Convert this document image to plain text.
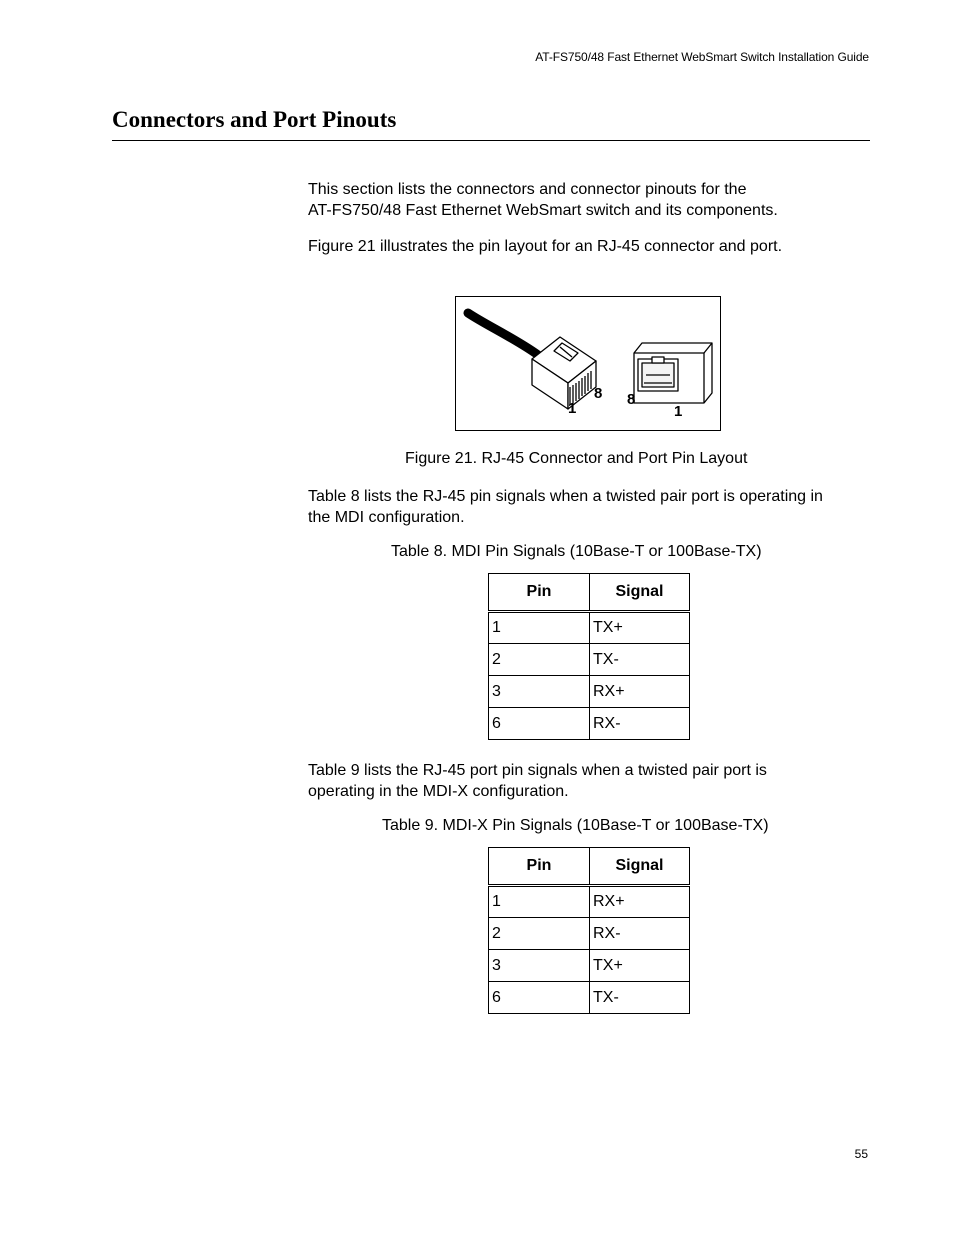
AT-FS750/48 Fast Ethernet WebSmart Switch Installation Guide
Connectors and Port Pinouts

This section lists the connectors and connector pinouts for the
AT-FS750/48 Fast Ethernet WebSmart switch and its components.

Figure 21 illustrates the pin layout for an RJ-45 connector and port.

1
8 8
1
Figure 21. RJ-45 Connector and Port Pin Layout

Table 8 lists the RJ-45 pin signals when a twisted pair port is operating in
the MDI configuration.

Table 8. MDI Pin Signals (10Base-T or 100Base-TX)
Pin	Signal
1	TX+
2	TX-
3	RX+
6	RX-

Table 9 lists the RJ-45 port pin signals when a twisted pair port is
operating in the MDI-X configuration.

Table 9. MDI-X Pin Signals (10Base-T or 100Base-TX)
Pin	Signal
1	RX+
2	RX-
3	TX+
6	TX-
55
